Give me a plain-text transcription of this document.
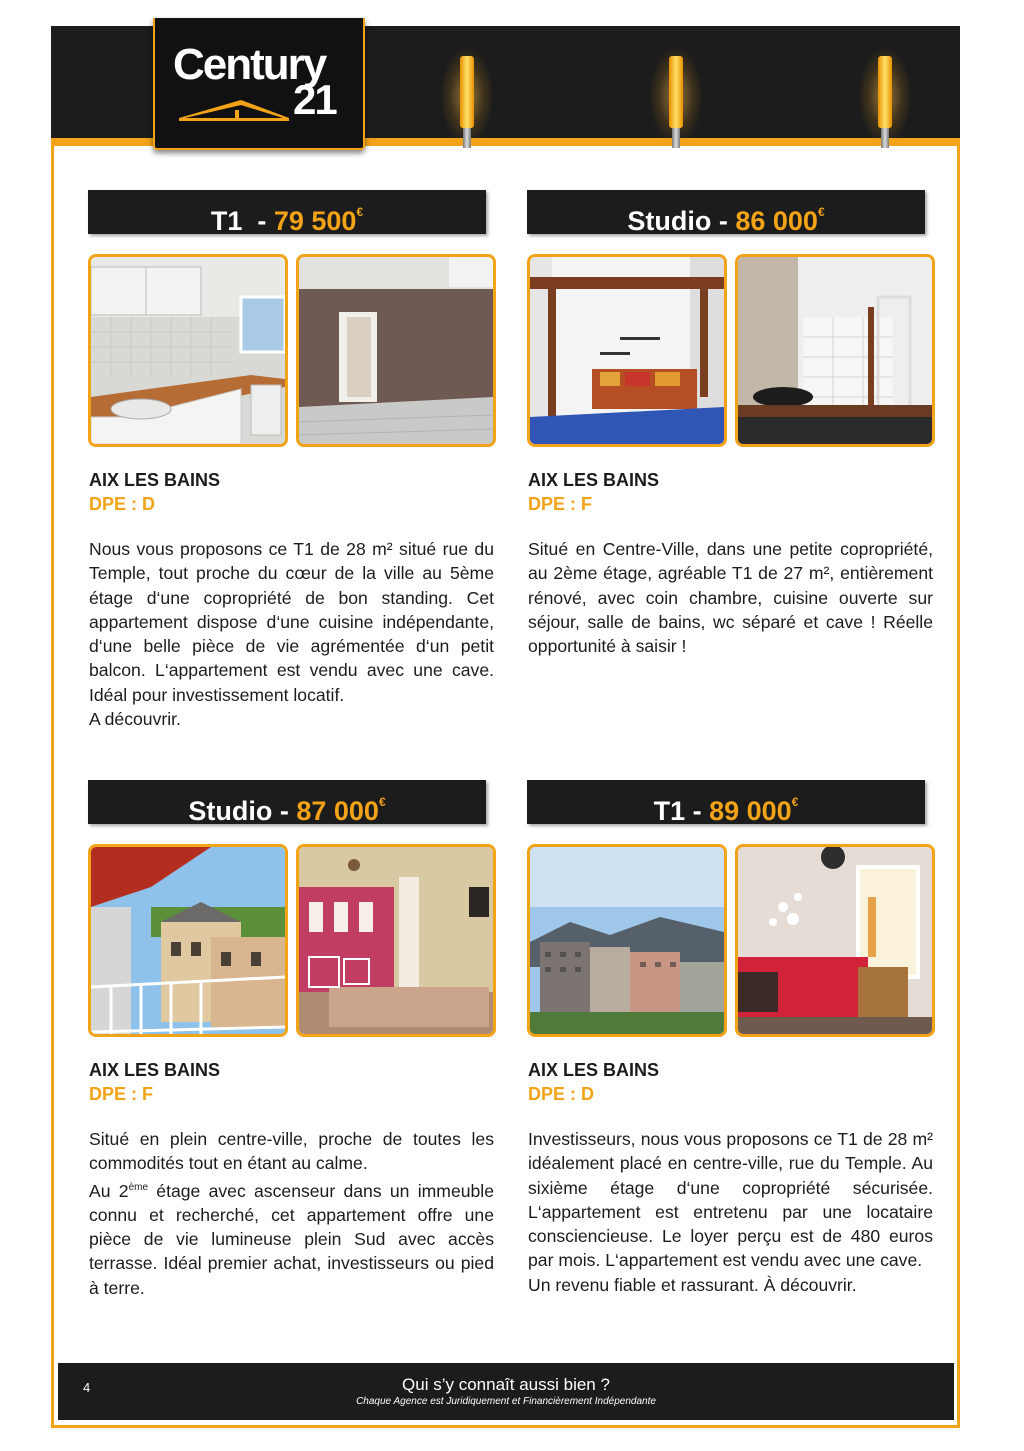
Century
21
T1  - 79 500€
AIX LES BAINS
DPE : D
Nous vous proposons ce T1 de 28 m² situé rue du Temple, tout proche du cœur de la ville au 5ème étage d‘une copropriété de bon standing. Cet appartement dispose d‘une cuisine indépendante, d‘une belle pièce de vie agrémentée d‘un petit balcon. L‘appartement est vendu avec une cave. Idéal pour investissement locatif.
A découvrir.
Studio - 86 000€
AIX LES BAINS
DPE : F
Situé en Centre-Ville, dans une petite copropriété, au 2ème étage, agréable T1 de 27 m², entièrement rénové, avec coin chambre, cuisine ouverte sur séjour, salle de bains, wc séparé et cave ! Réelle opportunité à saisir !
Studio - 87 000€
AIX LES BAINS
DPE : F
Situé en plein centre-ville, proche de toutes les commodités tout en étant au calme.
Au 2ème étage avec ascenseur dans un immeuble connu et recherché, cet appartement offre une pièce de vie lumineuse plein Sud avec accès terrasse. Idéal premier achat, investisseurs ou pied à terre.
T1 - 89 000€
AIX LES BAINS
DPE : D
Investisseurs, nous vous proposons ce T1 de 28 m² idéalement placé en centre-ville, rue du Temple. Au sixième étage d‘une copropriété sécurisée. L‘appartement est entretenu par une locataire consciencieuse. Le loyer perçu est de 480 euros par mois. L‘appartement est vendu avec une cave.
Un revenu fiable et rassurant. À découvrir.
4	Qui s’y connaît aussi bien ?
Chaque Agence est Juridiquement et Financièrement Indépendante
